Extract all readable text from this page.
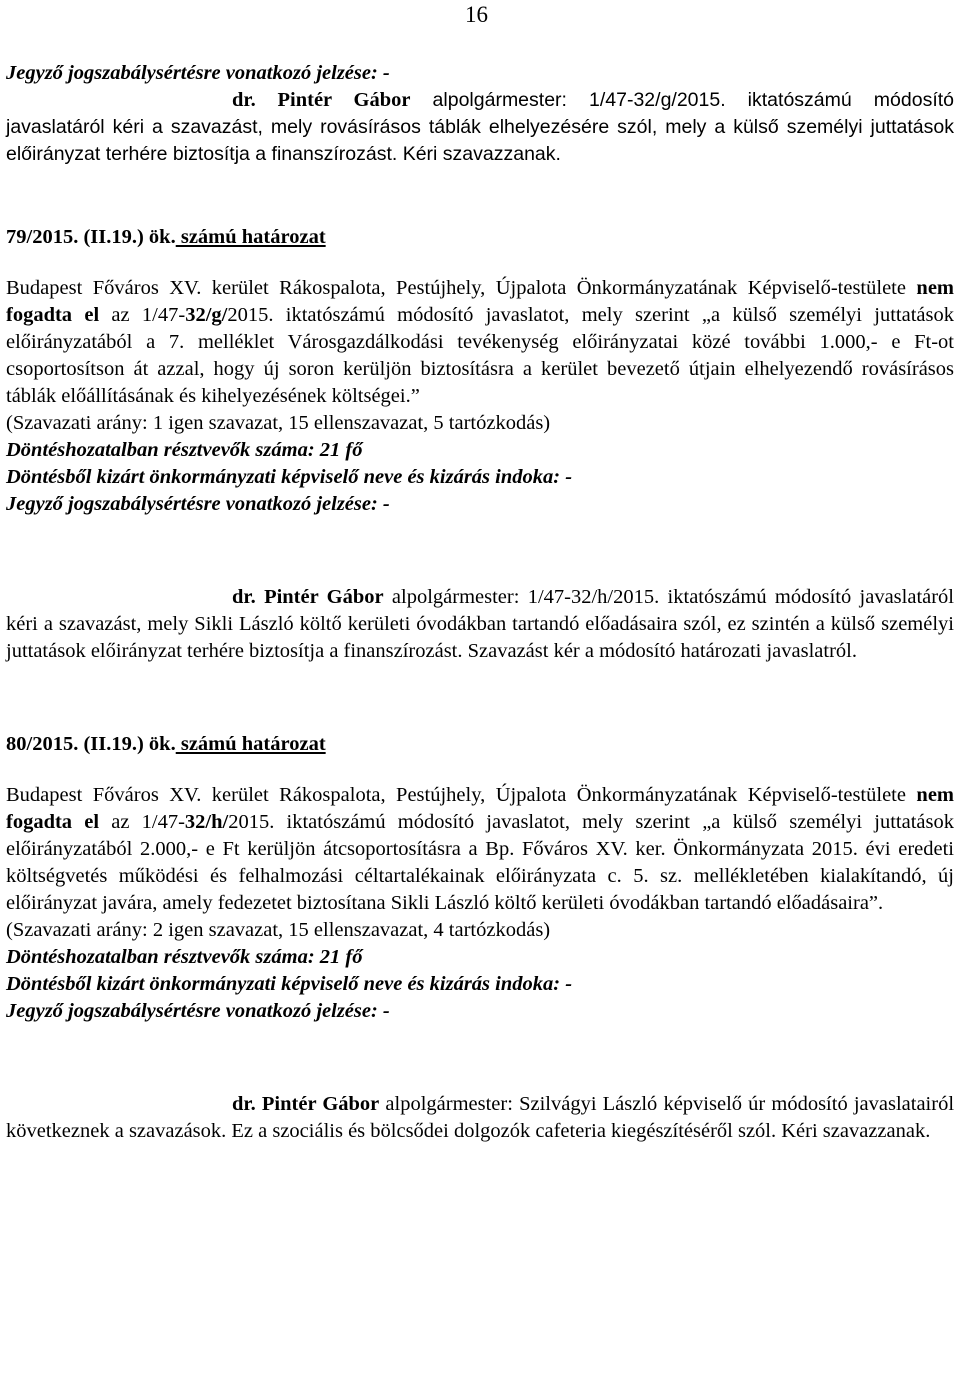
16

Jegyző jogszabálysértésre vonatkozó jelzése: -

dr. Pintér Gábor alpolgármester: 1/47-32/g/2015. iktatószámú módosító javaslatáról kéri a szavazást, mely rovásírásos táblák elhelyezésére szól, mely a külső személyi juttatások előirányzat terhére biztosítja a finanszírozást. Kéri szavazzanak.

79/2015. (II.19.) ök. számú határozat

Budapest Főváros XV. kerület Rákospalota, Pestújhely, Újpalota Önkormányzatának Képviselő-testülete nem fogadta el az 1/47-32/g/2015. iktatószámú módosító javaslatot, mely szerint „a külső személyi juttatások előirányzatából a 7. melléklet Városgazdálkodási tevékenység előirányzatai közé további 1.000,- e Ft-ot csoportosítson át azzal, hogy új soron kerüljön biztosításra a kerület bevezető útjain elhelyezendő rovásírásos táblák előállításának és kihelyezésének költségei.”

(Szavazati arány: 1 igen szavazat, 15 ellenszavazat, 5 tartózkodás)

Döntéshozatalban résztvevők száma: 21 fő

Döntésből kizárt önkormányzati képviselő neve és kizárás indoka: -

Jegyző jogszabálysértésre vonatkozó jelzése: -

dr. Pintér Gábor alpolgármester: 1/47-32/h/2015. iktatószámú módosító javaslatáról kéri a szavazást, mely Sikli László költő kerületi óvodákban tartandó előadásaira szól, ez szintén a külső személyi juttatások előirányzat terhére biztosítja a finanszírozást. Szavazást kér a módosító határozati javaslatról.

80/2015. (II.19.) ök. számú határozat

Budapest Főváros XV. kerület Rákospalota, Pestújhely, Újpalota Önkormányzatának Képviselő-testülete nem fogadta el az 1/47-32/h/2015. iktatószámú módosító javaslatot, mely szerint „a külső személyi juttatások előirányzatából 2.000,- e Ft kerüljön átcsoportosításra a Bp. Főváros XV. ker. Önkormányzata 2015. évi eredeti költségvetés működési és felhalmozási céltartalékainak előirányzata c. 5. sz. mellékletében kialakítandó, új előirányzat javára, amely fedezetet biztosítana Sikli László költő kerületi óvodákban tartandó előadásaira”.

(Szavazati arány: 2 igen szavazat, 15 ellenszavazat, 4 tartózkodás)

Döntéshozatalban résztvevők száma: 21 fő

Döntésből kizárt önkormányzati képviselő neve és kizárás indoka: -

Jegyző jogszabálysértésre vonatkozó jelzése: -

dr. Pintér Gábor alpolgármester: Szilvágyi László képviselő úr módosító javaslatairól következnek a szavazások. Ez a szociális és bölcsődei dolgozók cafeteria kiegészítéséről szól. Kéri szavazzanak.
